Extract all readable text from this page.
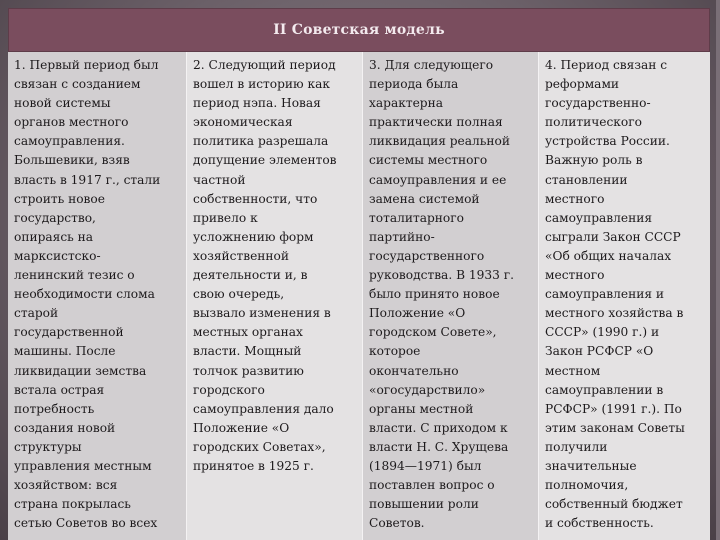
II Советская модель
1. Первый период был
связан с созданием
новой системы
органов местного
самоуправления.
Большевики, взяв
власть в 1917 г., стали
строить новое
государство,
опираясь на
марксистско-
ленинский тезис о
необходимости слома
старой
государственной
машины. После
ликвидации земства
встала острая
потребность
создания новой
структуры
управления местным
хозяйством: вся
страна покрылась
сетью Советов во всех
2. Следующий период
вошел в историю как
период нэпа. Новая
экономическая
политика разрешала
допущение элементов
частной
собственности, что
привело к
усложнению форм
хозяйственной
деятельности и, в
свою очередь,
вызвало изменения в
местных органах
власти. Мощный
толчок развитию
городского
самоуправления дало
Положение «О
городских Советах»,
принятое в 1925 г.
3. Для следующего
периода была
характерна
практически полная
ликвидация реальной
системы местного
самоуправления и ее
замена системой
тоталитарного
партийно-
государственного
руководства. В 1933 г.
было принято новое
Положение «О
городском Совете»,
которое
окончательно
«огосударствило»
органы местной
власти. С приходом к
власти Н. С. Хрущева
(1894—1971) был
поставлен вопрос о
повышении роли
Советов.
4. Период связан с
реформами
государственно-
политического
устройства России.
Важную роль в
становлении
местного
самоуправления
сыграли Закон СССР
«Об общих началах
местного
самоуправления и
местного хозяйства в
СССР» (1990 г.) и
Закон РСФСР «О
местном
самоуправлении в
РСФСР» (1991 г.). По
этим законам Советы
получили
значительные
полномочия,
собственный бюджет
и собственность.
